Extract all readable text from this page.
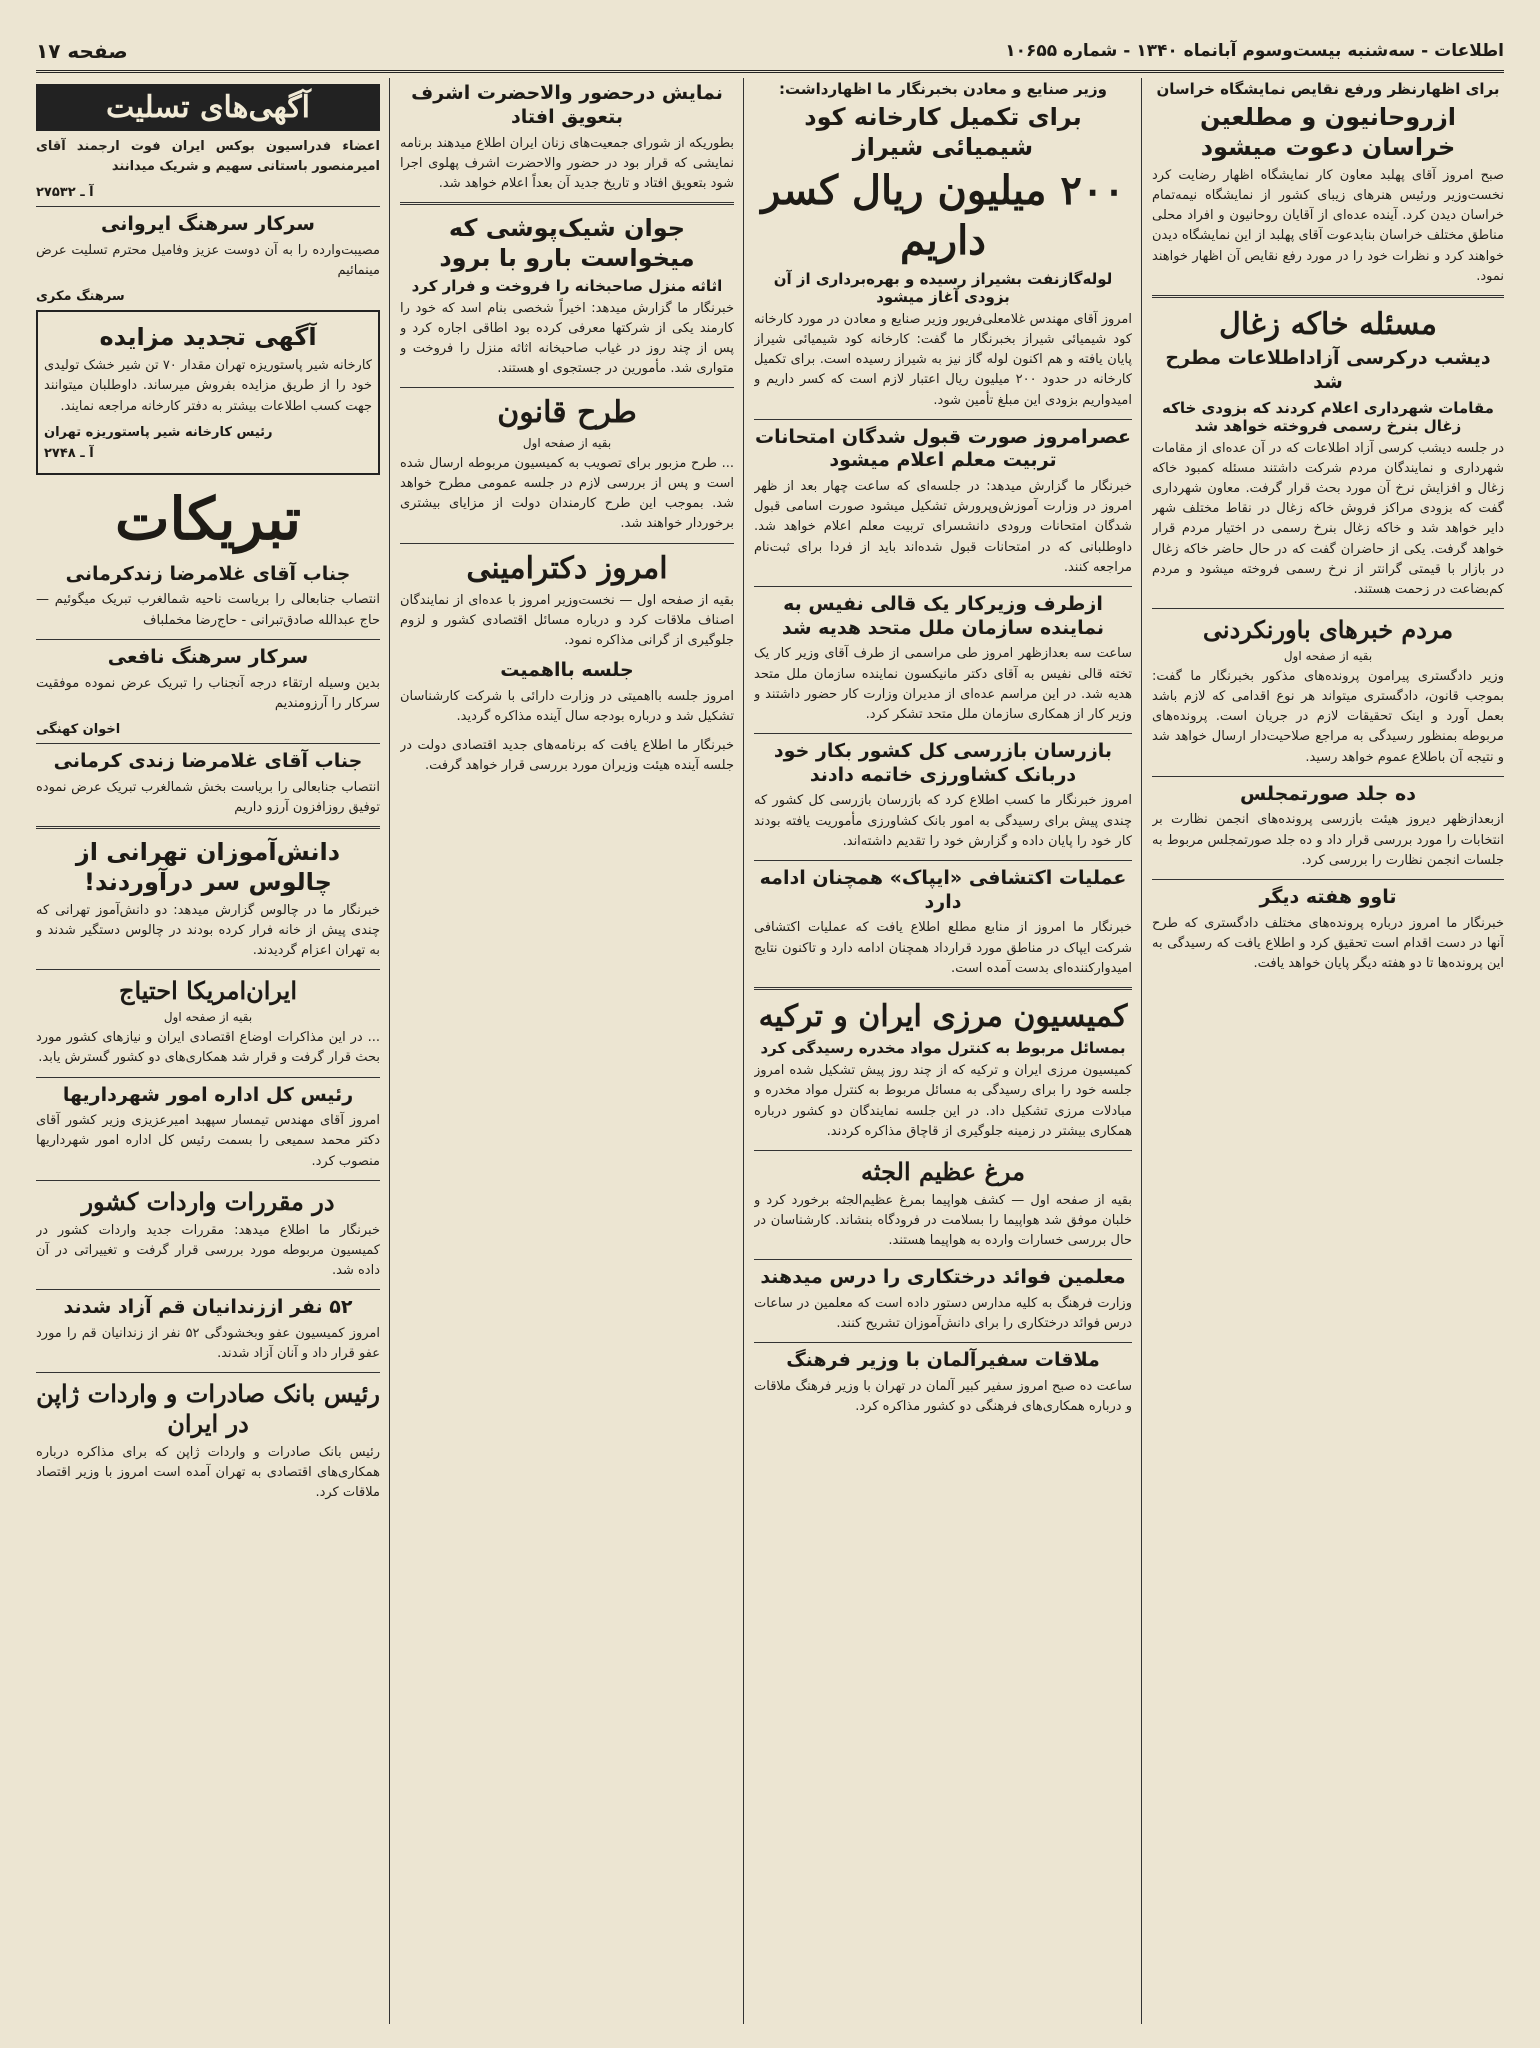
اطلاعات - سه‌شنبه بیست‌وسوم آبانماه ۱۳۴۰ - شماره ۱۰۶۵۵
صفحه ۱۷
برای اظهارنظر ورفع نقایص نمایشگاه خراسان
ازروحانیون و مطلعین خراسان دعوت میشود
صبح امروز آقای پهلبد معاون کار نمایشگاه اظهار رضایت کرد نخست‌وزیر ورئیس هنرهای زیبای کشور از نمایشگاه نیمه‌تمام خراسان دیدن کرد. آینده عده‌ای از آقایان روحانیون و افراد محلی مناطق مختلف خراسان بنابدعوت آقای پهلبد از این نمایشگاه دیدن خواهند کرد و نظرات خود را در مورد رفع نقایص آن اظهار خواهند نمود.
مسئله خاکه زغال
دیشب درکرسی آزاداطلاعات مطرح شد
مقامات شهرداری اعلام کردند که بزودی خاکه زغال بنرخ رسمی فروخته خواهد شد
در جلسه دیشب کرسی آزاد اطلاعات که در آن عده‌ای از مقامات شهرداری و نمایندگان مردم شرکت داشتند مسئله کمبود خاکه زغال و افزایش نرخ آن مورد بحث قرار گرفت. معاون شهرداری گفت که بزودی مراکز فروش خاکه زغال در نقاط مختلف شهر دایر خواهد شد و خاکه زغال بنرخ رسمی در اختیار مردم قرار خواهد گرفت. یکی از حاضران گفت که در حال حاضر خاکه زغال در بازار با قیمتی گرانتر از نرخ رسمی فروخته میشود و مردم کم‌بضاعت در زحمت هستند.
مردم خبرهای باورنکردنی
بقیه از صفحه اول
وزیر دادگستری پیرامون پرونده‌های مذکور بخبرنگار ما گفت: بموجب قانون، دادگستری میتواند هر نوع اقدامی که لازم باشد بعمل آورد و اینک تحقیقات لازم در جریان است. پرونده‌های مربوطه بمنظور رسیدگی به مراجع صلاحیت‌دار ارسال خواهد شد و نتیجه آن باطلاع عموم خواهد رسید.
ده جلد صورتمجلس
ازبعدازظهر دیروز هیئت بازرسی پرونده‌های انجمن نظارت بر انتخابات را مورد بررسی قرار داد و ده جلد صورتمجلس مربوط به جلسات انجمن نظارت را بررسی کرد.
تاوو هفته دیگر
خبرنگار ما امروز درباره پرونده‌های مختلف دادگستری که طرح آنها در دست اقدام است تحقیق کرد و اطلاع یافت که رسیدگی به این پرونده‌ها تا دو هفته دیگر پایان خواهد یافت.
وزیر صنایع و معادن بخبرنگار ما اظهارداشت:
برای تکمیل کارخانه کود شیمیائی شیراز
۲۰۰ میلیون ریال کسر داریم
لوله‌گازنفت بشیراز رسیده و بهره‌برداری از آن بزودی آغاز میشود
امروز آقای مهندس غلامعلی‌فریور وزیر صنایع و معادن در مورد کارخانه کود شیمیائی شیراز بخبرنگار ما گفت: کارخانه کود شیمیائی شیراز پایان یافته و هم اکنون لوله گاز نیز به شیراز رسیده است. برای تکمیل کارخانه در حدود ۲۰۰ میلیون ریال اعتبار لازم است که کسر داریم و امیدواریم بزودی این مبلغ تأمین شود.
عصرامروز صورت قبول شدگان امتحانات تربیت معلم اعلام میشود
خبرنگار ما گزارش میدهد: در جلسه‌ای که ساعت چهار بعد از ظهر امروز در وزارت آموزش‌وپرورش تشکیل میشود صورت اسامی قبول شدگان امتحانات ورودی دانشسرای تربیت معلم اعلام خواهد شد. داوطلبانی که در امتحانات قبول شده‌اند باید از فردا برای ثبت‌نام مراجعه کنند.
ازطرف وزیرکار یک قالی نفیس به نماینده سازمان ملل متحد هدیه شد
ساعت سه بعدازظهر امروز طی مراسمی از طرف آقای وزیر کار یک تخته قالی نفیس به آقای دکتر مانیکسون نماینده سازمان ملل متحد هدیه شد. در این مراسم عده‌ای از مدیران وزارت کار حضور داشتند و وزیر کار از همکاری سازمان ملل متحد تشکر کرد.
بازرسان بازرسی کل کشور بکار خود دربانک کشاورزی خاتمه دادند
امروز خبرنگار ما کسب اطلاع کرد که بازرسان بازرسی کل کشور که چندی پیش برای رسیدگی به امور بانک کشاورزی مأموریت یافته بودند کار خود را پایان داده و گزارش خود را تقدیم داشته‌اند.
عملیات اکتشافی «ایپاک» همچنان ادامه دارد
خبرنگار ما امروز از منابع مطلع اطلاع یافت که عملیات اکتشافی شرکت ایپاک در مناطق مورد قرارداد همچنان ادامه دارد و تاکنون نتایج امیدوارکننده‌ای بدست آمده است.
کمیسیون مرزی ایران و ترکیه
بمسائل مربوط به کنترل مواد مخدره رسیدگی کرد
کمیسیون مرزی ایران و ترکیه که از چند روز پیش تشکیل شده امروز جلسه خود را برای رسیدگی به مسائل مربوط به کنترل مواد مخدره و مبادلات مرزی تشکیل داد. در این جلسه نمایندگان دو کشور درباره همکاری بیشتر در زمینه جلوگیری از قاچاق مذاکره کردند.
مرغ عظیم الجثه
بقیه از صفحه اول — کشف هواپیما بمرغ عظیم‌الجثه برخورد کرد و خلبان موفق شد هواپیما را بسلامت در فرودگاه بنشاند. کارشناسان در حال بررسی خسارات وارده به هواپیما هستند.
معلمین فوائد درختکاری را درس میدهند
وزارت فرهنگ به کلیه مدارس دستور داده است که معلمین در ساعات درس فوائد درختکاری را برای دانش‌آموزان تشریح کنند.
ملاقات سفیرآلمان با وزیر فرهنگ
ساعت ده صبح امروز سفیر کبیر آلمان در تهران با وزیر فرهنگ ملاقات و درباره همکاری‌های فرهنگی دو کشور مذاکره کرد.
نمایش درحضور والاحضرت اشرف بتعویق افتاد
بطوریکه از شورای جمعیت‌های زنان ایران اطلاع میدهند برنامه نمایشی که قرار بود در حضور والاحضرت اشرف پهلوی اجرا شود بتعویق افتاد و تاریخ جدید آن بعداً اعلام خواهد شد.
جوان شیک‌پوشی که میخواست بارو با برود
اثاثه منزل صاحبخانه را فروخت و فرار کرد
خبرنگار ما گزارش میدهد: اخیراً شخصی بنام اسد که خود را کارمند یکی از شرکتها معرفی کرده بود اطاقی اجاره کرد و پس از چند روز در غیاب صاحبخانه اثاثه منزل را فروخت و متواری شد. مأمورین در جستجوی او هستند.
طرح قانون
بقیه از صفحه اول
... طرح مزبور برای تصویب به کمیسیون مربوطه ارسال شده است و پس از بررسی لازم در جلسه عمومی مطرح خواهد شد. بموجب این طرح کارمندان دولت از مزایای بیشتری برخوردار خواهند شد.
امروز دکترامینی
بقیه از صفحه اول — نخست‌وزیر امروز با عده‌ای از نمایندگان اصناف ملاقات کرد و درباره مسائل اقتصادی کشور و لزوم جلوگیری از گرانی مذاکره نمود.
جلسه بااهمیت
امروز جلسه بااهمیتی در وزارت دارائی با شرکت کارشناسان تشکیل شد و درباره بودجه سال آینده مذاکره گردید.
خبرنگار ما اطلاع یافت که برنامه‌های جدید اقتصادی دولت در جلسه آینده هیئت وزیران مورد بررسی قرار خواهد گرفت.
آگهی‌های تسلیت
اعضاء فدراسیون بوکس ایران فوت ارجمند آقای امیرمنصور باستانی سهیم و شریک میدانند
آ ـ ۲۷۵۳۲
سرکار سرهنگ ایروانی
مصیبت‌وارده را به آن دوست عزیز وفامیل محترم تسلیت عرض مینمائیم
سرهنگ مکری
آگهی تجدید مزایده
کارخانه شیر پاستوریزه تهران مقدار ۷۰ تن شیر خشک تولیدی خود را از طریق مزایده بفروش میرساند. داوطلبان میتوانند جهت کسب اطلاعات بیشتر به دفتر کارخانه مراجعه نمایند.
رئیس کارخانه شیر پاستوریزه تهران
آ ـ ۲۷۴۸
تبریکات
جناب آقای غلامرضا زندکرمانی
انتصاب جنابعالی را بریاست ناحیه شمالغرب تبریک میگوئیم — حاج عبدالله صادق‌تبرانی - حاج‌رضا مخملباف
سرکار سرهنگ نافعی
بدین وسیله ارتقاء درجه آنجناب را تبریک عرض نموده موفقیت سرکار را آرزومندیم
اخوان کهنگی
جناب آقای غلامرضا زندی کرمانی
انتصاب جنابعالی را بریاست بخش شمالغرب تبریک عرض نموده توفیق روزافزون آرزو داریم
دانش‌آموزان تهرانی از چالوس سر درآوردند!
خبرنگار ما در چالوس گزارش میدهد: دو دانش‌آموز تهرانی که چندی پیش از خانه فرار کرده بودند در چالوس دستگیر شدند و به تهران اعزام گردیدند.
ایران‌امریکا احتیاج
بقیه از صفحه اول
... در این مذاکرات اوضاع اقتصادی ایران و نیازهای کشور مورد بحث قرار گرفت و قرار شد همکاری‌های دو کشور گسترش یابد.
رئیس کل اداره امور شهرداریها
امروز آقای مهندس تیمسار سپهبد امیرعزیزی وزیر کشور آقای دکتر محمد سمیعی را بسمت رئیس کل اداره امور شهرداریها منصوب کرد.
در مقررات واردات کشور
خبرنگار ما اطلاع میدهد: مقررات جدید واردات کشور در کمیسیون مربوطه مورد بررسی قرار گرفت و تغییراتی در آن داده شد.
۵۲ نفر اززندانیان قم آزاد شدند
امروز کمیسیون عفو وبخشودگی ۵۲ نفر از زندانیان قم را مورد عفو قرار داد و آنان آزاد شدند.
رئیس بانک صادرات و واردات ژاپن در ایران
رئیس بانک صادرات و واردات ژاپن که برای مذاکره درباره همکاری‌های اقتصادی به تهران آمده است امروز با وزیر اقتصاد ملاقات کرد.
